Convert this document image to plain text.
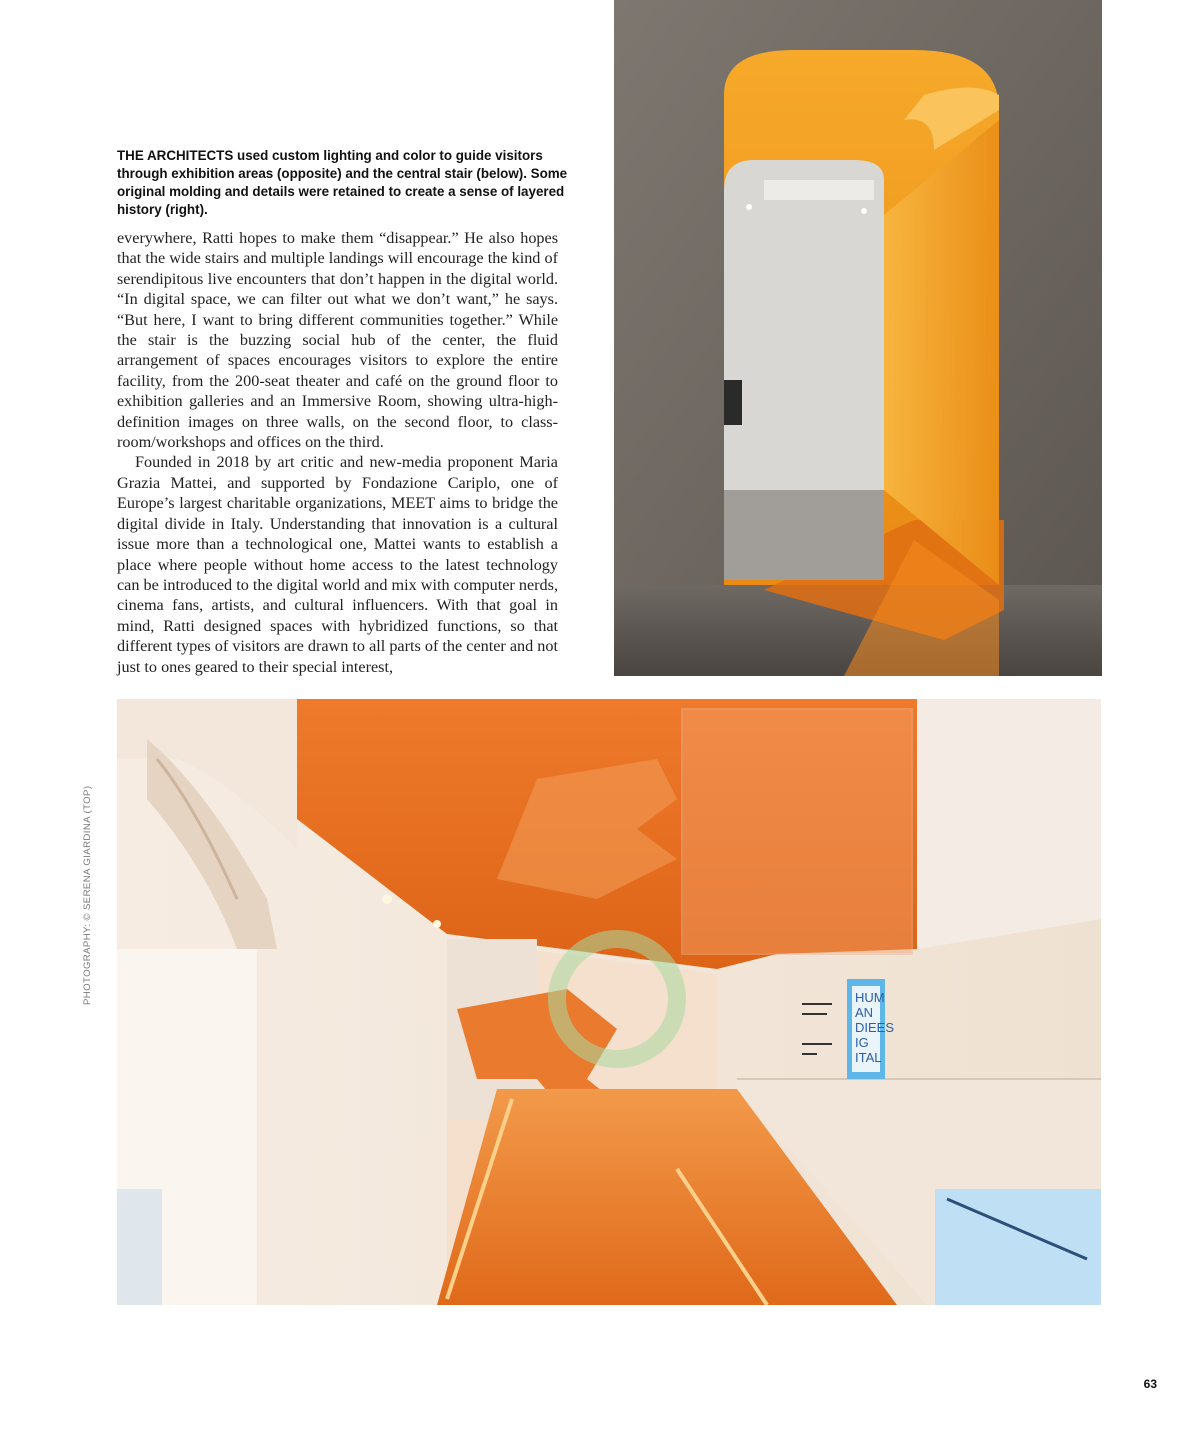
THE ARCHITECTS used custom lighting and color to guide visitors through exhibition areas (opposite) and the central stair (below). Some original molding and details were retained to create a sense of layered history (right).

everywhere, Ratti hopes to make them “disappear.” He also hopes that the wide stairs and multiple landings will encourage the kind of serendipitous live encounters that don’t happen in the digital world. “In digital space, we can filter out what we don’t want,” he says. “But here, I want to bring different communities together.” While the stair is the buzzing social hub of the center, the fluid arrangement of spaces encourages visitors to explore the entire facility, from the 200-seat theater and café on the ground floor to exhibition galleries and an Immersive Room, showing ultra-high-definition images on three walls, on the second floor, to class-room/workshops and offices on the third.

Founded in 2018 by art critic and new-media proponent Maria Grazia Mattei, and supported by Fondazione Cariplo, one of Europe’s largest charitable organizations, MEET aims to bridge the digital divide in Italy. Understanding that innovation is a cultural issue more than a technological one, Mattei wants to establish a place where people without home access to the latest technology can be introduced to the digital world and mix with computer nerds, cinema fans, artists, and cultural influencers. With that goal in mind, Ratti designed spaces with hybridized functions, so that different types of visitors are drawn to all parts of the center and not just to ones geared to their special interest,

HUM
AN
DIEES
IG
ITAL
PHOTOGRAPHY: © SERENA GIARDINA (TOP)
63
